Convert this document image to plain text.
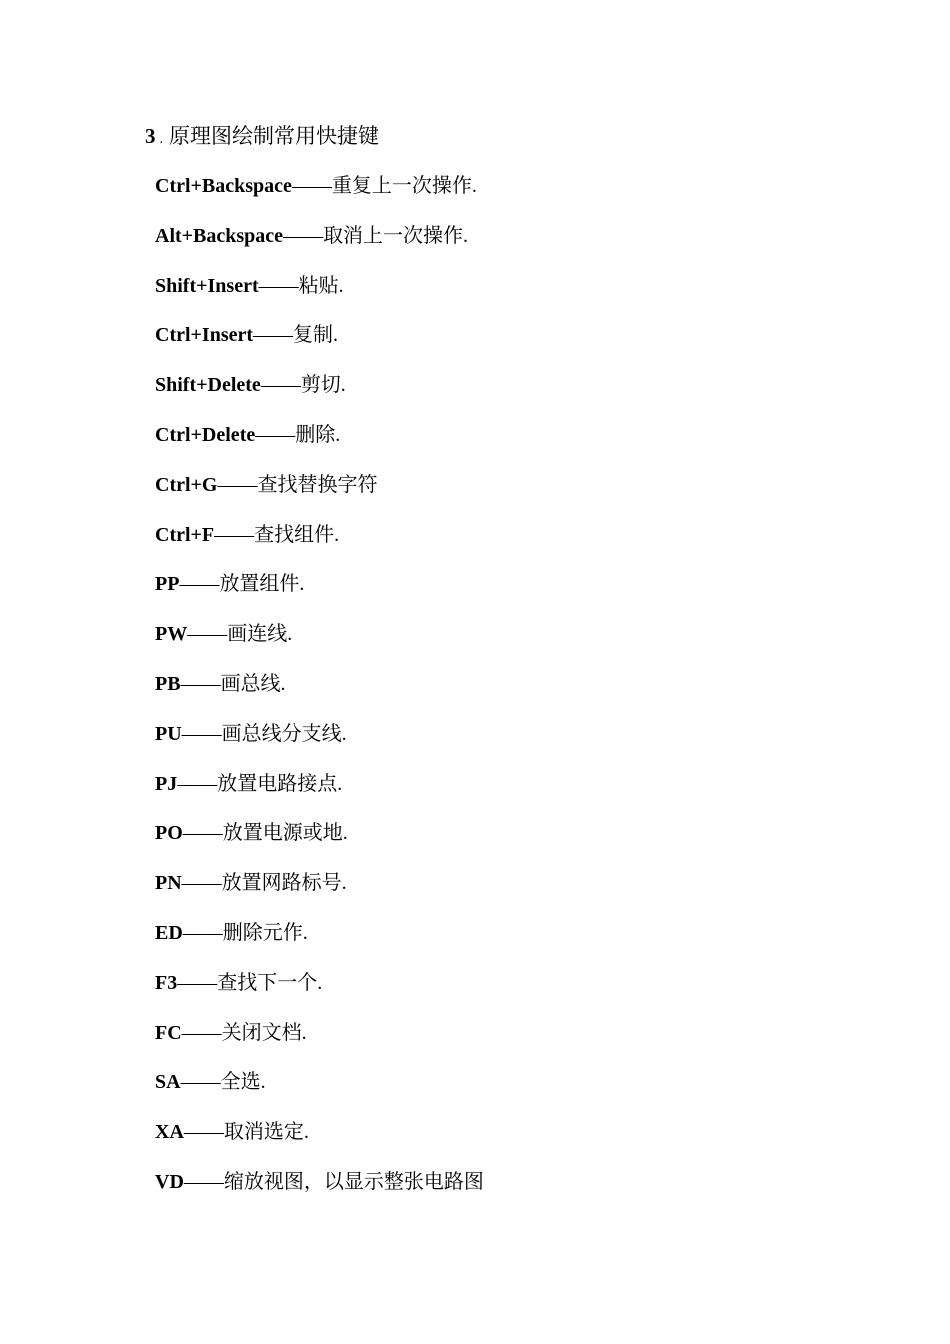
3 . 原理图绘制常用快捷键
Ctrl+Backspace——重复上一次操作.
Alt+Backspace——取消上一次操作.
Shift+Insert——粘贴.
Ctrl+Insert——复制.
Shift+Delete——剪切.
Ctrl+Delete——删除.
Ctrl+G——查找替换字符
Ctrl+F——查找组件.
PP——放置组件.
PW——画连线.
PB——画总线.
PU——画总线分支线.
PJ——放置电路接点.
PO——放置电源或地.
PN——放置网路标号.
ED——删除元作.
F3——查找下一个.
FC——关闭文档.
SA——全选.
XA——取消选定.
VD——缩放视图，以显示整张电路图
